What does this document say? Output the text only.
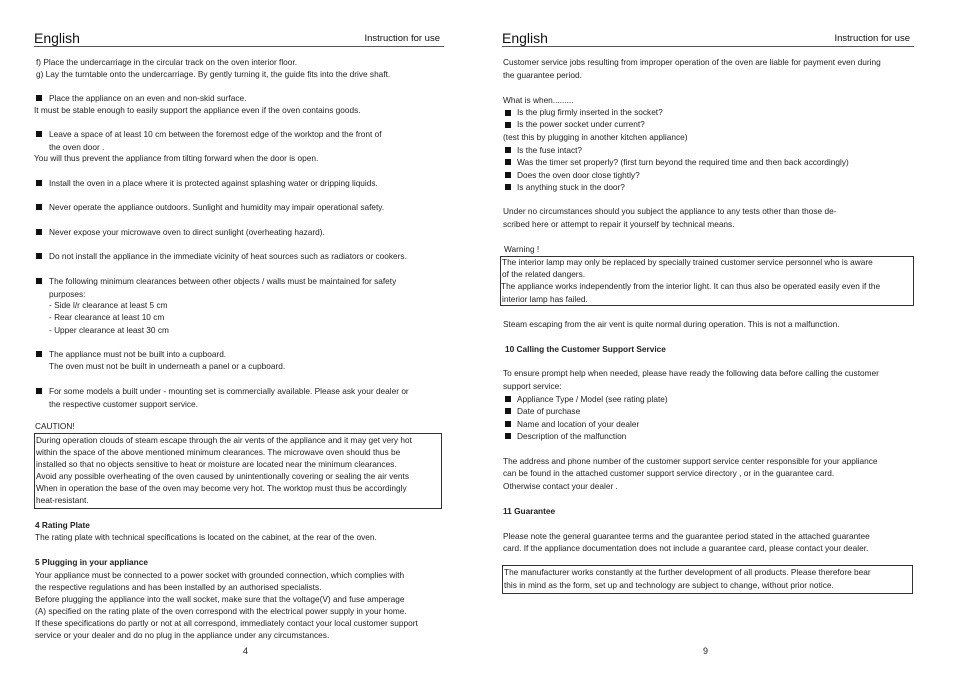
English	Instruction for use
f) Place the undercarriage in the circular track on the oven interior floor.
g) Lay the turntable onto the undercarriage. By gently turning it, the guide fits into the drive shaft.
Place the appliance on an even and non-skid surface.
It must be stable enough to easily support the appliance even if the oven contains goods.
Leave a space of at least 10 cm between the foremost edge of the worktop and the front of
the oven door .
You will thus prevent the appliance from tilting forward when the door is open.
Install the oven in a place where it is protected against splashing water or dripping liquids.
Never operate the appliance outdoors. Sunlight and humidity may impair operational safety.
Never expose your microwave oven to direct sunlight (overheating hazard).
Do not install the appliance in the immediate vicinity of heat sources such as radiators or cookers.
The following minimum clearances between other objects / walls must be maintained for safety
purposes:
- Side l/r clearance at least 5 cm
- Rear clearance at least 10 cm
- Upper clearance at least 30 cm
The appliance must not be built into a cupboard.
The oven must not be built in underneath a panel or a cupboard.
For some models a built under - mounting set is commercially available. Please ask your dealer or
the respective customer support service.
CAUTION!
During operation clouds of steam escape through the air vents of the appliance and it may get very hot
within the space of the above mentioned minimum clearances. The microwave oven should thus be
installed so that no objects sensitive to heat or moisture are located near the minimum clearances.
Avoid any possible overheating of the oven caused by unintentionally covering or sealing the air vents
When in operation the base of the oven may become very hot. The worktop must thus be accordingly
heat-resistant.
4 Rating Plate
The rating plate with technical specifications is located on the cabinet, at the rear of the oven.
5 Plugging in your appliance
Your appliance must be connected to a power socket with grounded connection, which complies with
the respective regulations and has been installed by an authorised specialists.
Before plugging the appliance into the wall socket, make sure that the voltage(V) and fuse amperage
(A) specified on the rating plate of the oven correspond with the electrical power supply in your home.
If these specifications do partly or not at all correspond, immediately contact your local customer support
service or your dealer and do no plug in the appliance under any circumstances.
4
English	Instruction for use
Customer service jobs resulting from improper operation of the oven are liable for payment even during
the guarantee period.
What is when.........
Is the plug firmly inserted in the socket?
Is the power socket under current?
(test this by plugging in another kitchen appliance)
Is the fuse intact?
Was the timer set properly? (first turn beyond the required time and then back accordingly)
Does the oven door close tightly?
Is anything stuck in the door?
Under no circumstances should you subject the appliance to any tests other than those de-
scribed here or attempt to repair it yourself by technical means.
Warning !
The interior lamp may only be replaced by specially trained customer service personnel who is aware
of the related dangers.
The appliance works independently from the interior light. It can thus also be operated easily even if the
interior lamp has failed.
Steam escaping from the air vent is quite normal during operation. This is not a malfunction.
10 Calling the Customer Support Service
To ensure prompt help when needed, please have ready the following data before calling the customer
support service:
Appliance Type / Model (see rating plate)
Date of purchase
Name and location of your dealer
Description of the malfunction
The address and phone number of the customer support service center responsible for your appliance
can be found in the attached customer support service directory , or in the guarantee card.
Otherwise contact your dealer .
11 Guarantee
Please note the general guarantee terms and the guarantee period stated in the attached guarantee
card. If the appliance documentation does not include a guarantee card, please contact your dealer.
The manufacturer works constantly at the further development of all products. Please therefore bear
this in mind as the form, set up and technology are subject to change, without prior notice.
9
